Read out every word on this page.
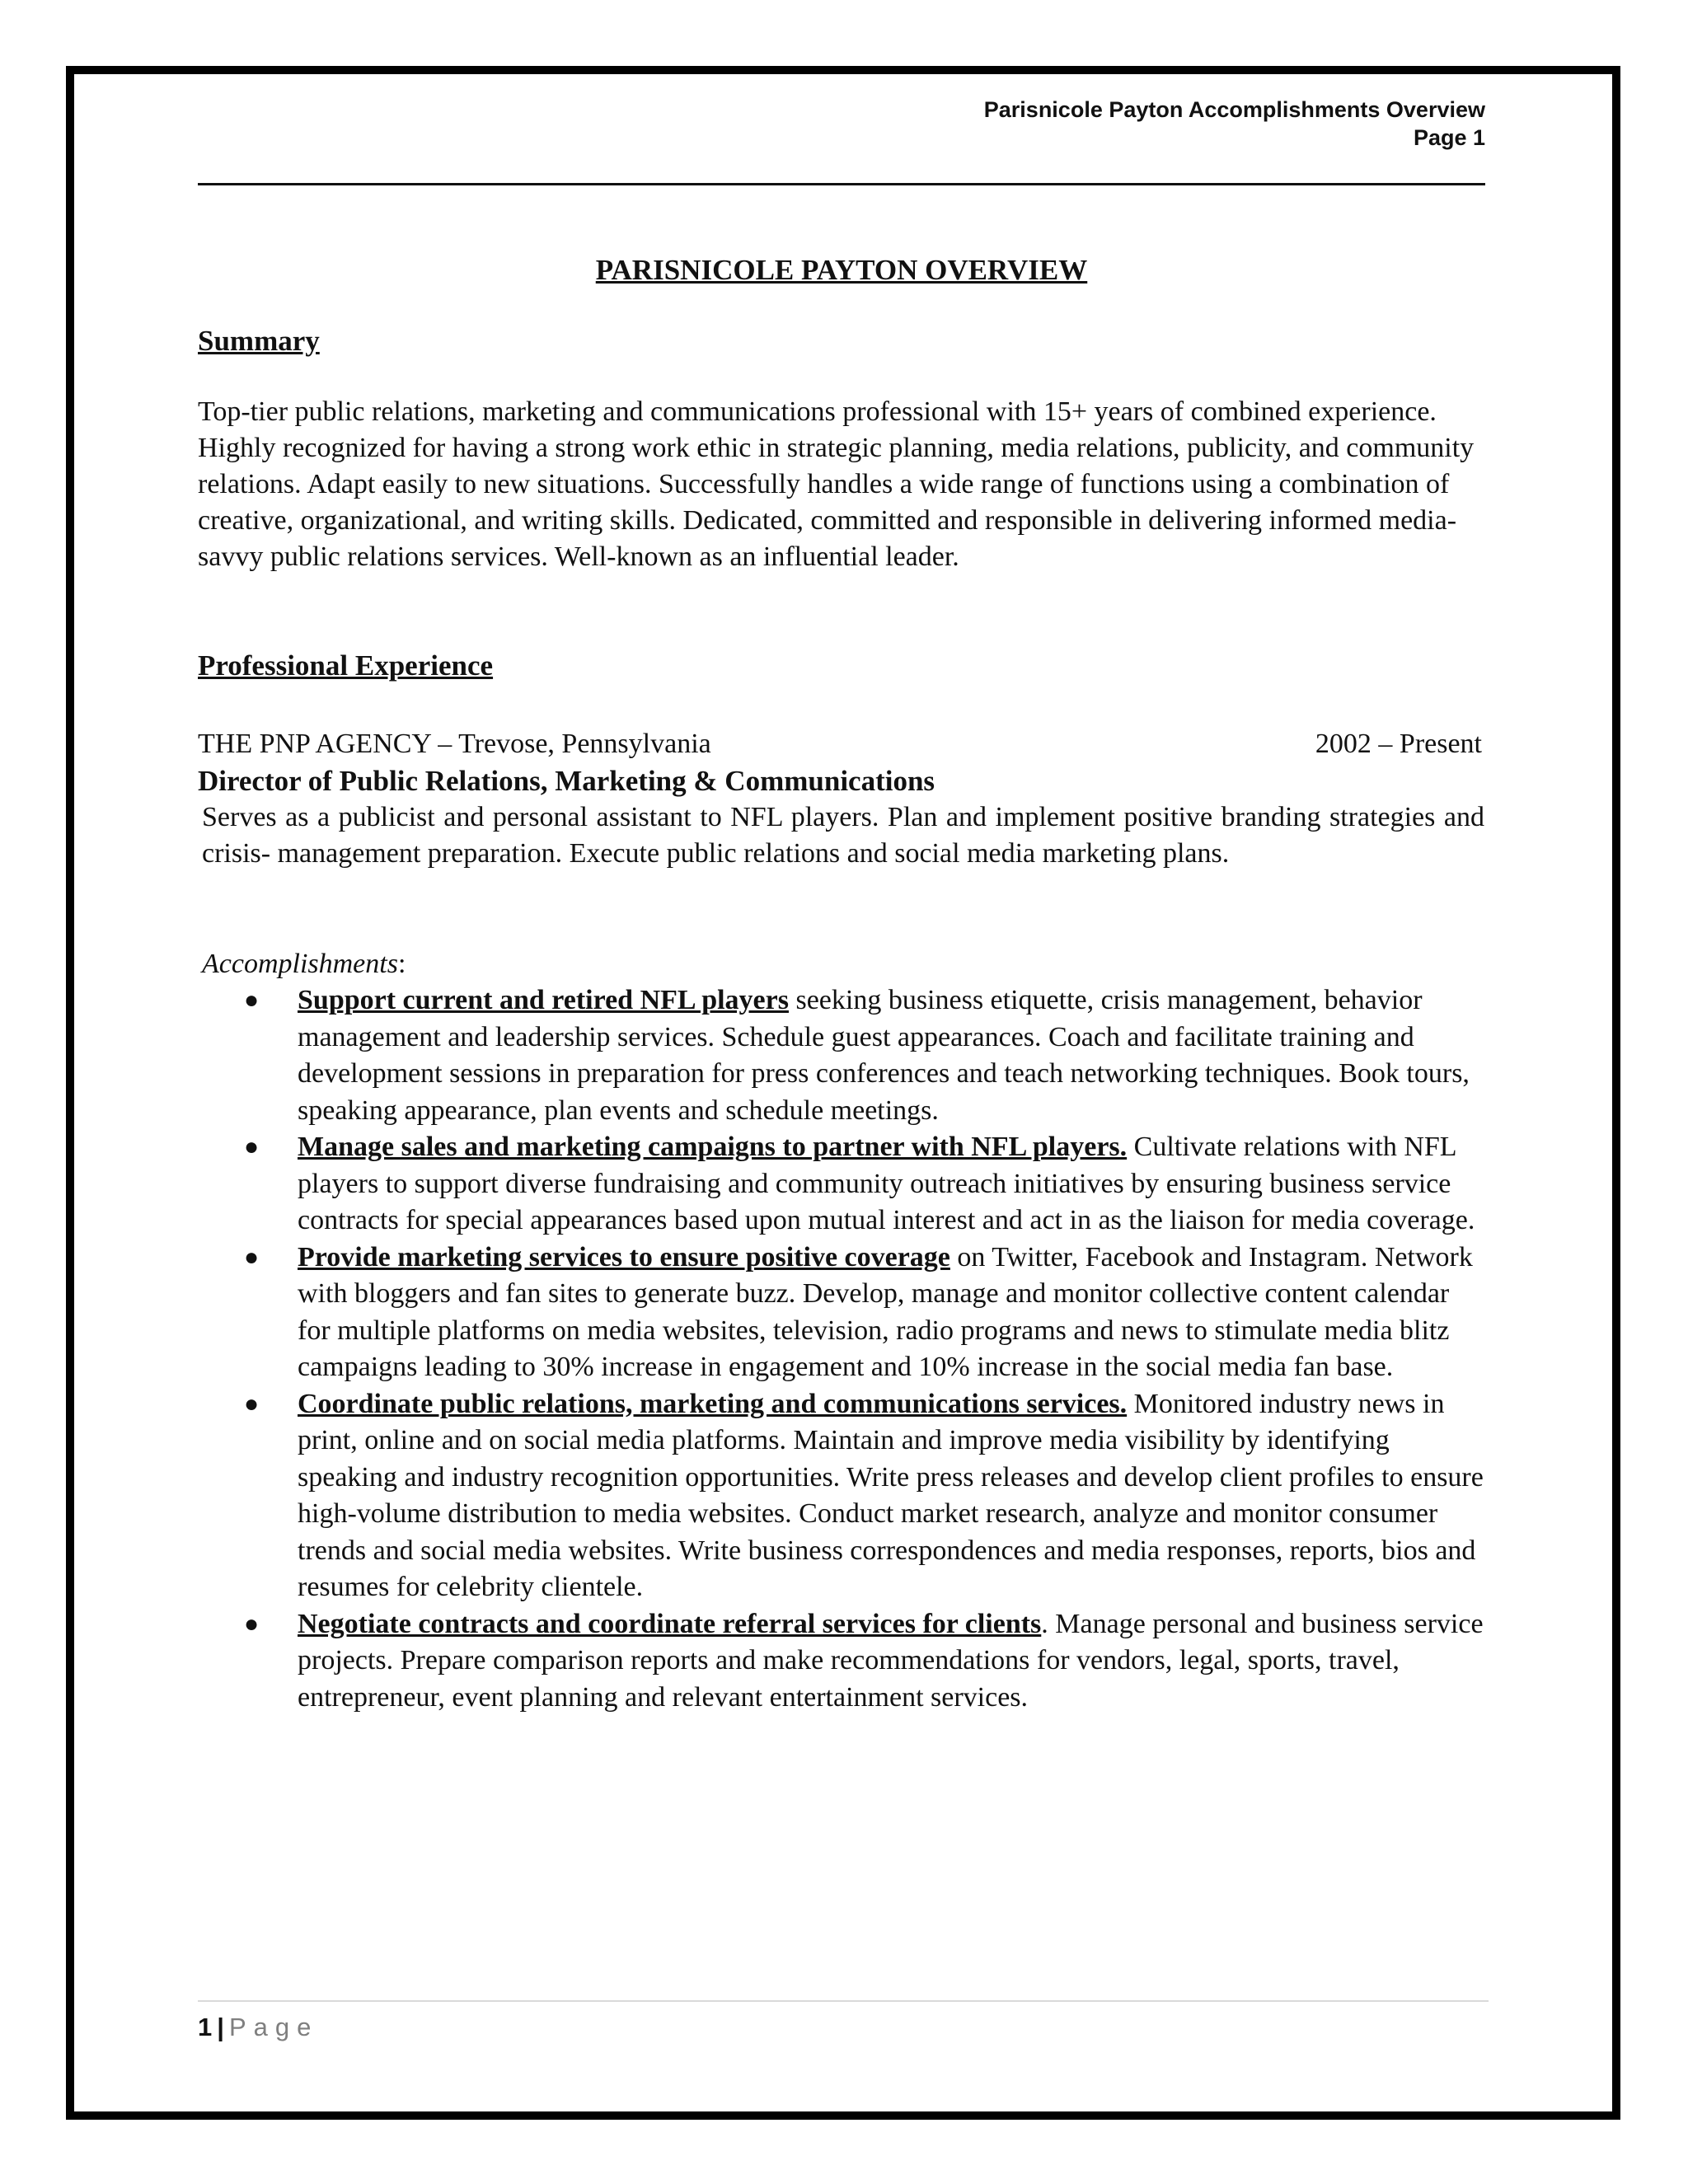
Parisnicole Payton Accomplishments Overview
Page 1
PARISNICOLE PAYTON OVERVIEW
Summary

Top-tier public relations, marketing and communications professional with 15+ years of combined experience. Highly recognized for having a strong work ethic in strategic planning, media relations, publicity, and community relations. Adapt easily to new situations. Successfully handles a wide range of functions using a combination of creative, organizational, and writing skills. Dedicated, committed and responsible in delivering informed media-savvy public relations services. Well-known as an influential leader.

Professional Experience
THE PNP AGENCY – Trevose, Pennsylvania	2002 – Present
Director of Public Relations, Marketing & Communications

Serves as a publicist and personal assistant to NFL players. Plan and implement positive branding strategies and crisis- management preparation. Execute public relations and social media marketing plans.

Accomplishments:
● Support current and retired NFL players seeking business etiquette, crisis management, behavior management and leadership services. Schedule guest appearances. Coach and facilitate training and development sessions in preparation for press conferences and teach networking techniques. Book tours, speaking appearance, plan events and schedule meetings.
● Manage sales and marketing campaigns to partner with NFL players. Cultivate relations with NFL players to support diverse fundraising and community outreach initiatives by ensuring business service contracts for special appearances based upon mutual interest and act in as the liaison for media coverage.
● Provide marketing services to ensure positive coverage on Twitter, Facebook and Instagram. Network with bloggers and fan sites to generate buzz. Develop, manage and monitor collective content calendar for multiple platforms on media websites, television, radio programs and news to stimulate media blitz campaigns leading to 30% increase in engagement and 10% increase in the social media fan base.
● Coordinate public relations, marketing and communications services. Monitored industry news in print, online and on social media platforms. Maintain and improve media visibility by identifying speaking and industry recognition opportunities. Write press releases and develop client profiles to ensure high-volume distribution to media websites. Conduct market research, analyze and monitor consumer trends and social media websites. Write business correspondences and media responses, reports, bios and resumes for celebrity clientele.
● Negotiate contracts and coordinate referral services for clients. Manage personal and business service projects. Prepare comparison reports and make recommendations for vendors, legal, sports, travel, entrepreneur, event planning and relevant entertainment services.
1 | Page
